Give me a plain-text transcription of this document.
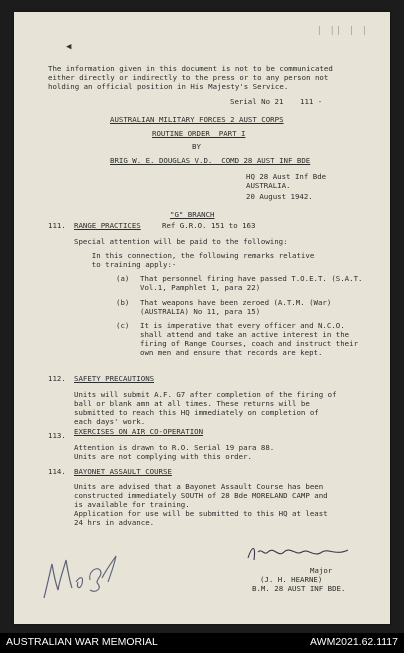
| || | |
◀
The information given in this document is not to be communicated
either directly or indirectly to the press or to any person not
holding an official position in His Majesty's Service.
Serial No 21 111 -
AUSTRALIAN MILITARY FORCES 2 AUST CORPS
ROUTINE ORDER  PART I
BY
BRIG W. E. DOUGLAS V.D.  COMD 28 AUST INF BDE
HQ 28 Aust Inf Bde
AUSTRALIA.
20 August 1942.
"G" BRANCH
111. RANGE PRACTICES	Ref G.R.O. 151 to 163
Special attention will be paid to the following:
In this connection, the following remarks relative
to training apply:-
(a) That personnel firing have passed T.O.E.T. (S.A.T.
Vol.1, Pamphlet 1, para 22)
(b) That weapons have been zeroed (A.T.M. (War)
(AUSTRALIA) No 11, para 15)
(c) It is imperative that every officer and N.C.O.
shall attend and take an active interest in the
firing of Range Courses, coach and instruct their
own men and ensure that records are kept.
112. SAFETY PRECAUTIONS
Units will submit A.F. G7 after completion of the firing of
ball or blank amn at all times. These returns will be
submitted to reach this HQ immediately on completion of
each days' work.
113. EXERCISES ON AIR CO-OPERATION
Attention is drawn to R.O. Serial 19 para 88.
Units are not complying with this order.
114. BAYONET ASSAULT COURSE
Units are advised that a Bayonet Assault Course has been
constructed immediately SOUTH of 28 Bde MORELAND CAMP and
is available for training.
Application for use will be submitted to this HQ at least
24 hrs in advance.
Major
(J. H. HEARNE)
B.M. 28 AUST INF BDE.
AUSTRALIAN WAR MEMORIAL	AWM2021.62.1117
